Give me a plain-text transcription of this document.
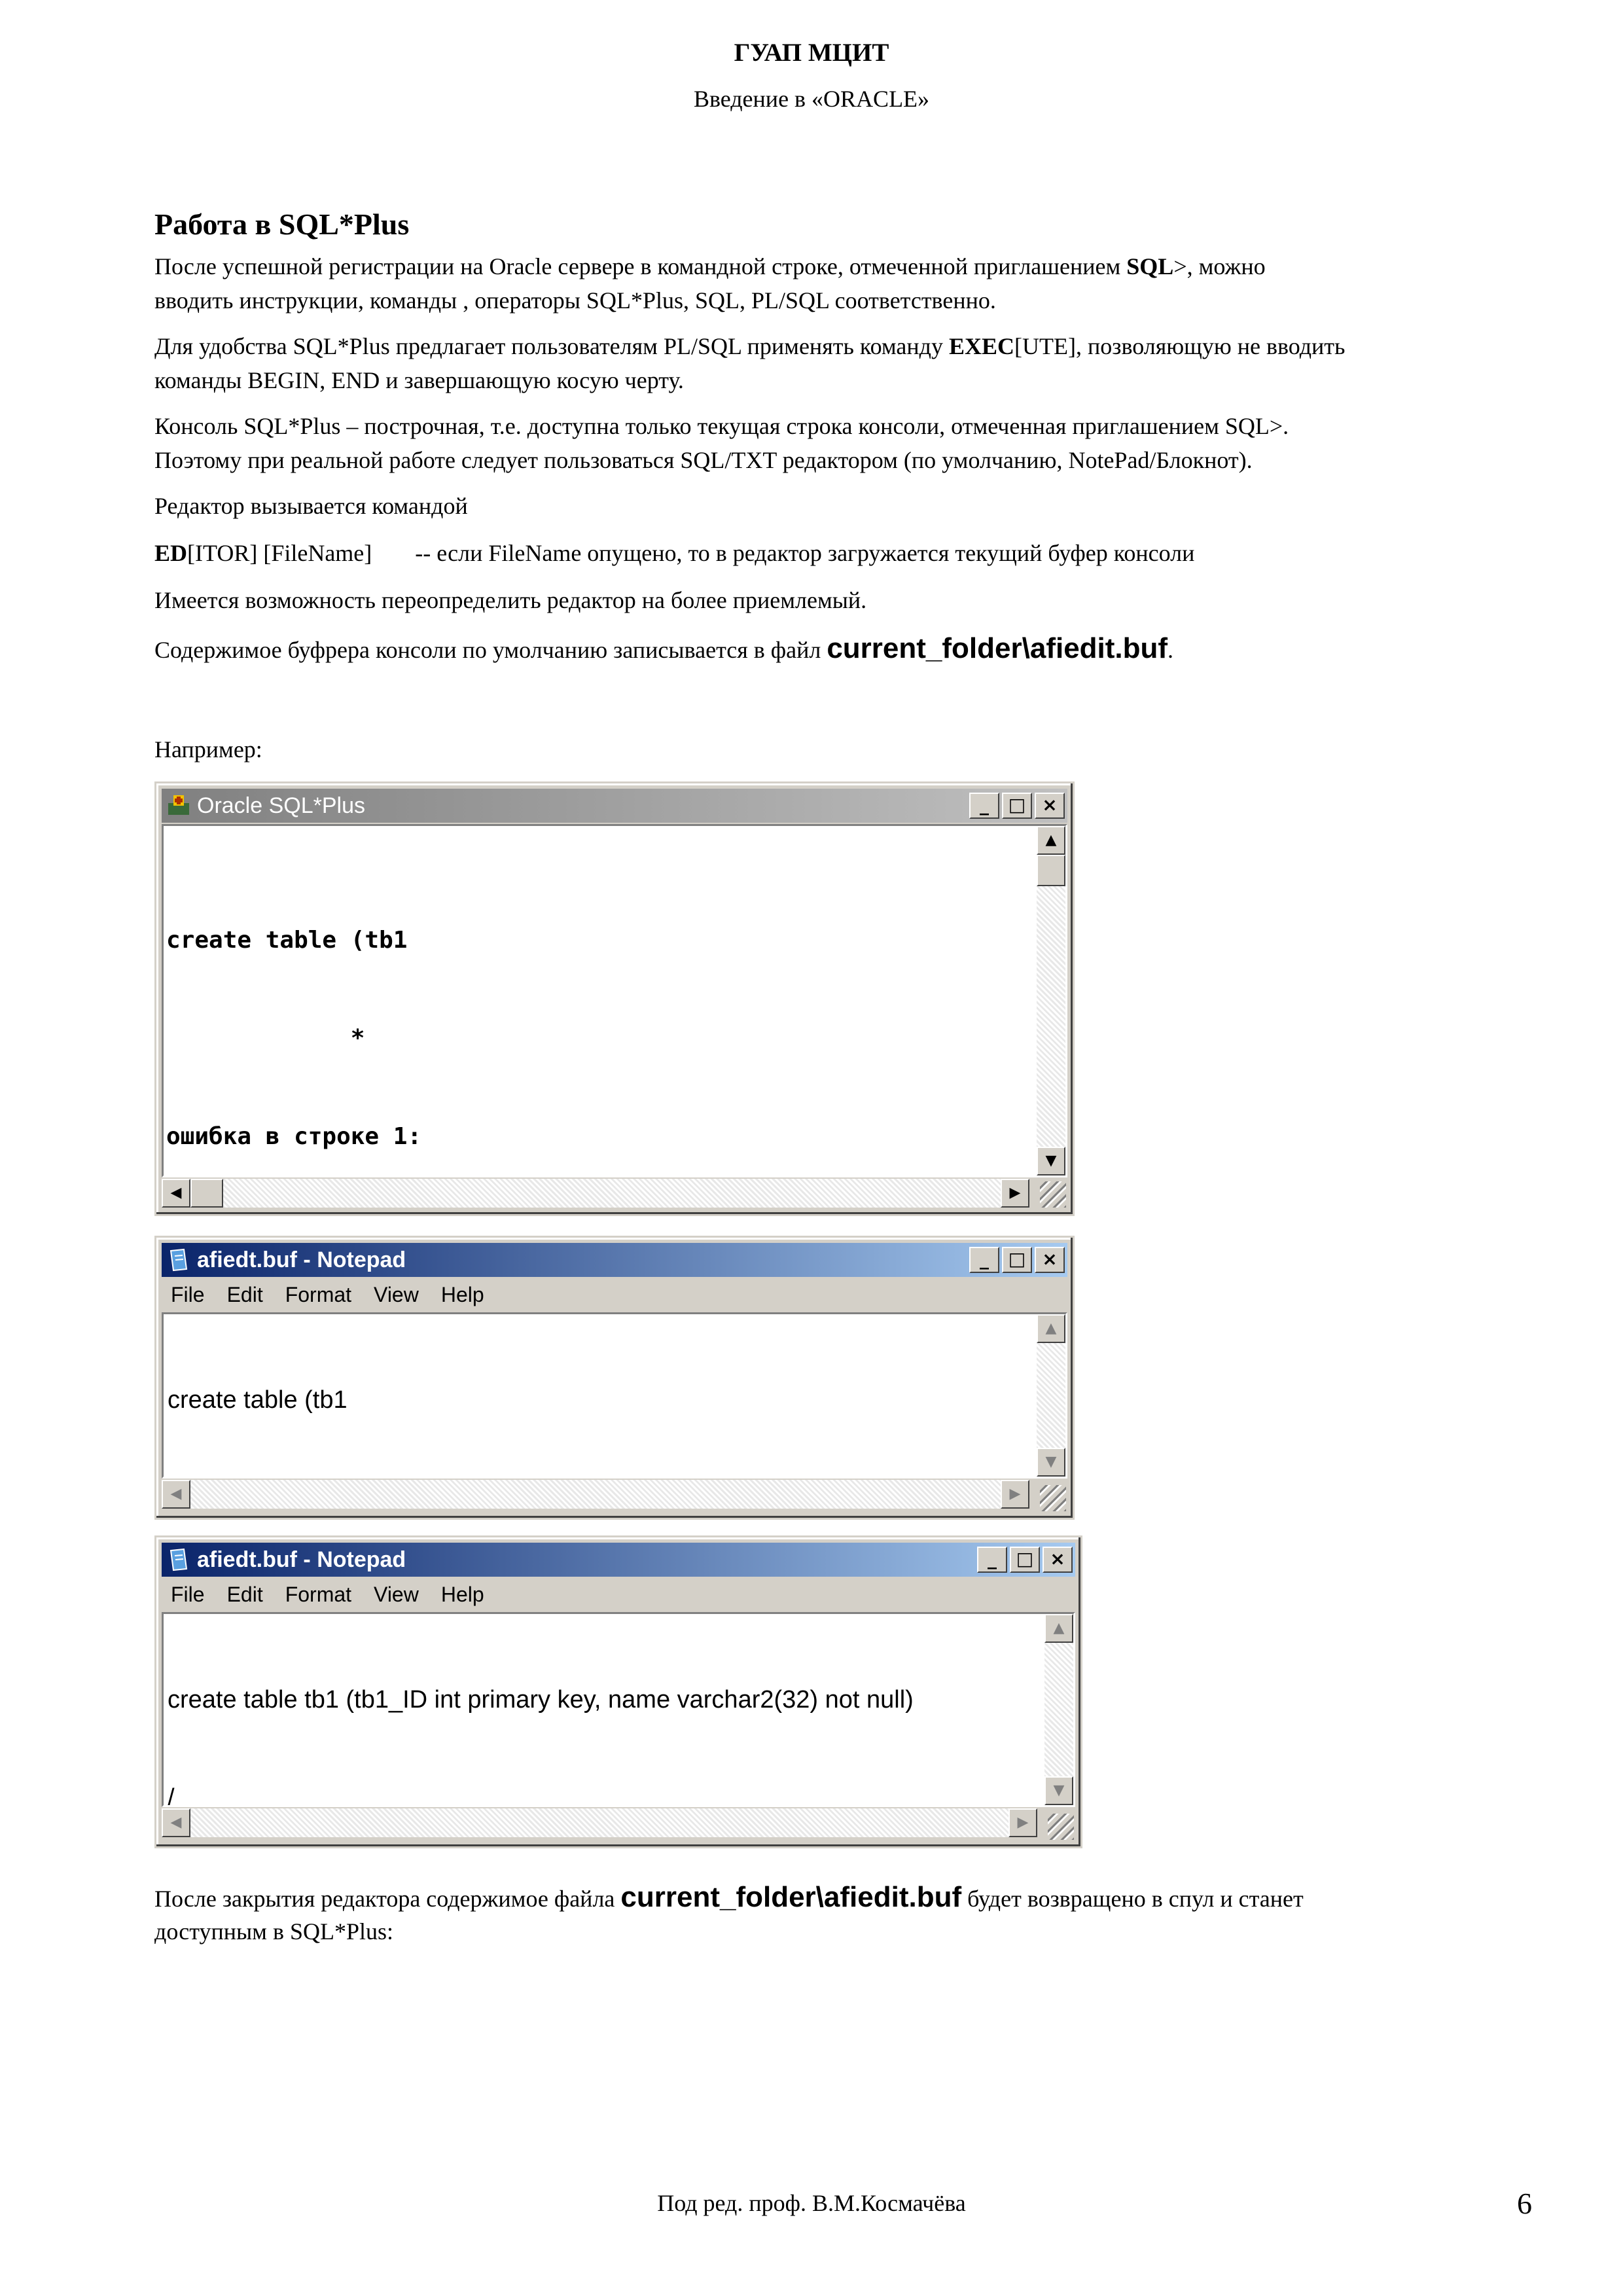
ГУАП МЦИТ
Введение в «ORACLE»
Работа в SQL*Plus
После успешной регистрации на Oracle сервере в командной строке, отмеченной приглашением SQL>, можно
вводить инструкции, команды , операторы SQL*Plus, SQL, PL/SQL соответственно.
Для удобства SQL*Plus предлагает пользователям PL/SQL применять команду EXEC[UTE], позволяющую не вводить
команды BEGIN, END и завершающую косую черту.
Консоль SQL*Plus – построчная, т.е. доступна только текущая строка консоли, отмеченная приглашением SQL>.
Поэтому при реальной работе следует пользоваться SQL/TXT редактором (по умолчанию, NotePad/Блокнот).
Редактор вызывается командой
ED[ITOR] [FileName] -- если FileName опущено, то в редактор загружается текущий буфер консоли
Имеется возможность переопределить редактор на более приемлемый.
Содержимое буфрера консоли по умолчанию записывается в файл current_folder\afiedit.buf.
Например:
Oracle SQL*Plus	_	□ ×

create table (tb1

*

ошибка в строке 1:

▲
▼
◀	▶
afiedt.buf - Notepad	_	□ ×
File Edit Format View Help

create table (tb1

▲
▼
◀	▶
afiedt.buf - Notepad	_	□ ×
File Edit Format View Help

create table tb1 (tb1_ID int primary key, name varchar2(32) not null)

/

▲
▼
◀	▶
После закрытия редактора содержимое файла current_folder\afiedit.buf будет возвращено в спул и станет
доступным в SQL*Plus:
Под ред. проф. В.М.Космачёва	6
